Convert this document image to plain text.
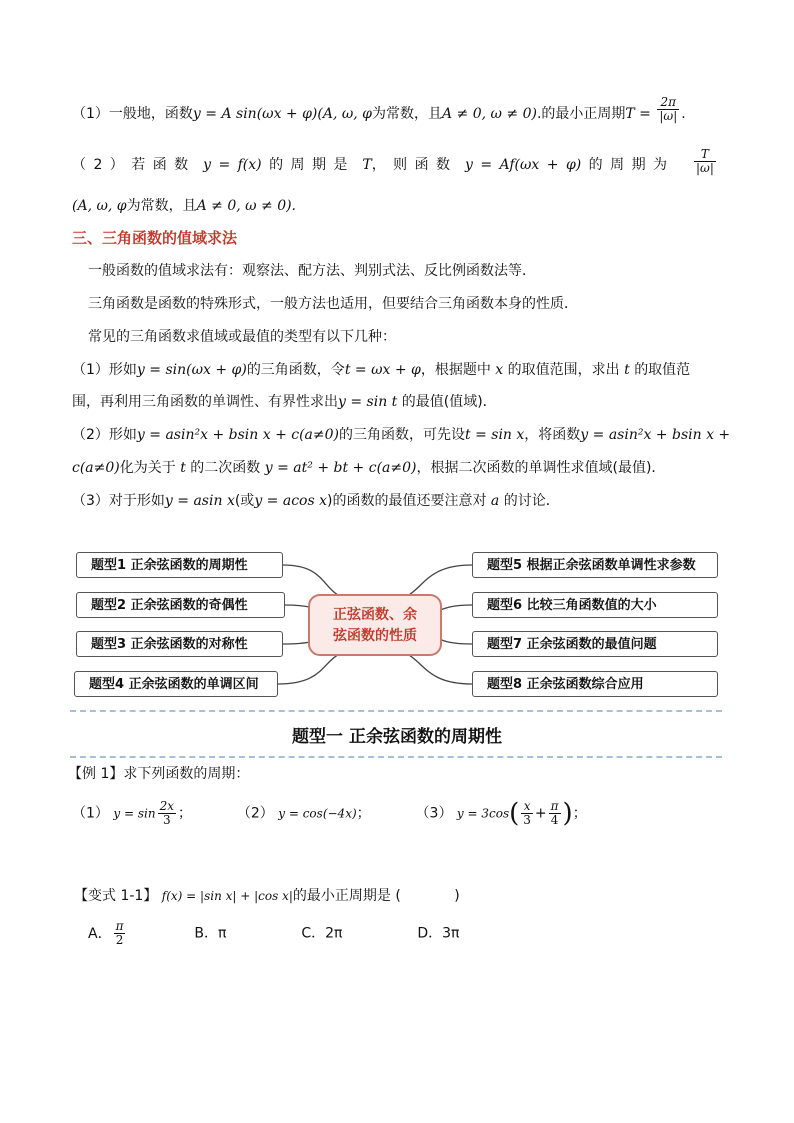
（1）一般地，函数y = A sin(ωx + φ)(A, ω, φ为常数，且A ≠ 0, ω ≠ 0).的最小正周期$T = \frac{2\pi}{|\omega|}$ .
（ 2 ） 若 函 数 y = f(x) 的 周 期 是 T， 则 函 数 y = Af(ωx + φ) 的 周 期 为 $\frac{T}{|\omega|}$
(A, ω, φ为常数，且A ≠ 0, ω ≠ 0).
三、三角函数的值域求法
一般函数的值域求法有：观察法、配方法、判别式法、反比例函数法等．
三角函数是函数的特殊形式，一般方法也适用，但要结合三角函数本身的性质．
常见的三角函数求值域或最值的类型有以下几种：
（1）形如y = sin(ωx + φ)的三角函数，令t = ωx + φ，根据题中 x 的取值范围，求出 t 的取值范
围，再利用三角函数的单调性、有界性求出y = sin t 的最值(值域)．
（2）形如y = asin²x + bsin x + c(a≠0)的三角函数，可先设t = sin x，将函数y = asin²x + bsin x +
c(a≠0)化为关于 t 的二次函数 y = at² + bt + c(a≠0)，根据二次函数的单调性求值域(最值)．
（3）对于形如y = asin x(或y = acos x)的函数的最值还要注意对 a 的讨论．
题型1 正余弦函数的周期性
题型2 正余弦函数的奇偶性
题型3 正余弦函数的对称性
题型4 正余弦函数的单调区间
正弦函数、余
弦函数的性质
题型5 根据正余弦函数单调性求参数
题型6 比较三角函数值的大小
题型7 正余弦函数的最值问题
题型8 正余弦函数综合应用
题型一 正余弦函数的周期性
【例 1】求下列函数的周期：
（1） $y = \sin \frac{2x}{3}$ ；	（2） y = cos(−4x)；	（3） $y = 3\cos( \frac{x}{3} + \frac{\pi}{4}$ )；
【变式 1-1】 f(x) = |sin x| + |cos x|的最小正周期是 (            )
A． $\frac{\pi}{2}$	B．π	C．2π	D．3π
